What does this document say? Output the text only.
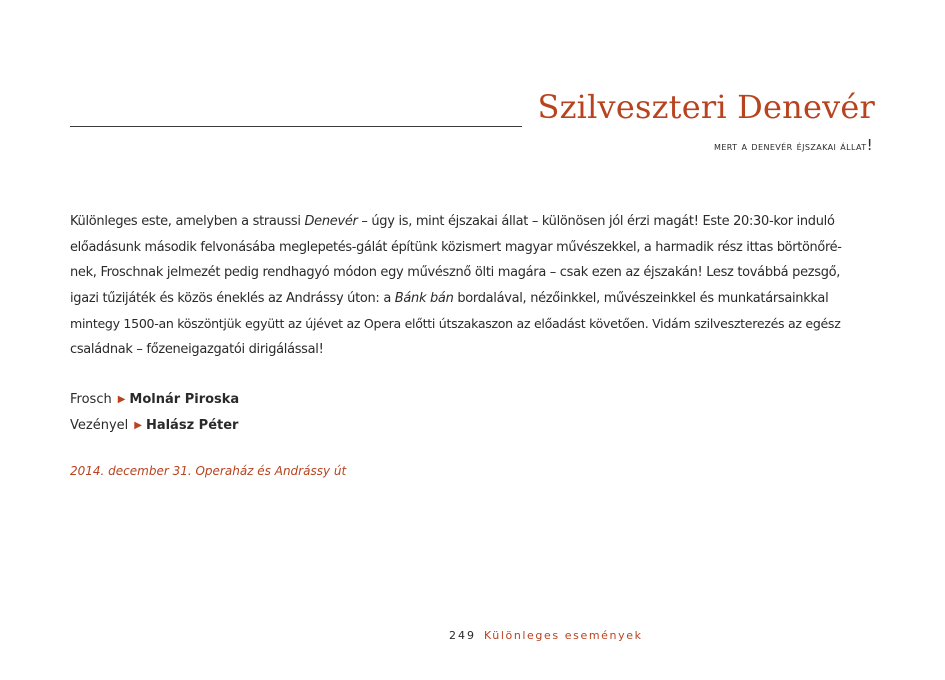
Szilveszteri Denevér
mert a denevér éjszakai állat!
Különleges este, amelyben a straussi Denevér – úgy is, mint éjszakai állat – különösen jól érzi magát! Este 20:30-kor induló
előadásunk második felvonásába meglepetés-gálát építünk közismert magyar művészekkel, a harmadik rész ittas börtönőré-
nek, Froschnak jelmezét pedig rendhagyó módon egy művésznő ölti magára – csak ezen az éjszakán! Lesz továbbá pezsgő,
igazi tűzijáték és közös éneklés az Andrássy úton: a Bánk bán bordalával, nézőinkkel, művészeinkkel és munkatársainkkal
mintegy 1500-an köszöntjük együtt az újévet az Opera előtti útszakaszon az előadást követően. Vidám szilveszterezés az egész
családnak – főzeneigazgatói dirigálással!
Frosch ▶ Molnár Piroska
Vezényel ▶ Halász Péter
2014. december 31. Operaház és Andrássy út
249 Különleges események
